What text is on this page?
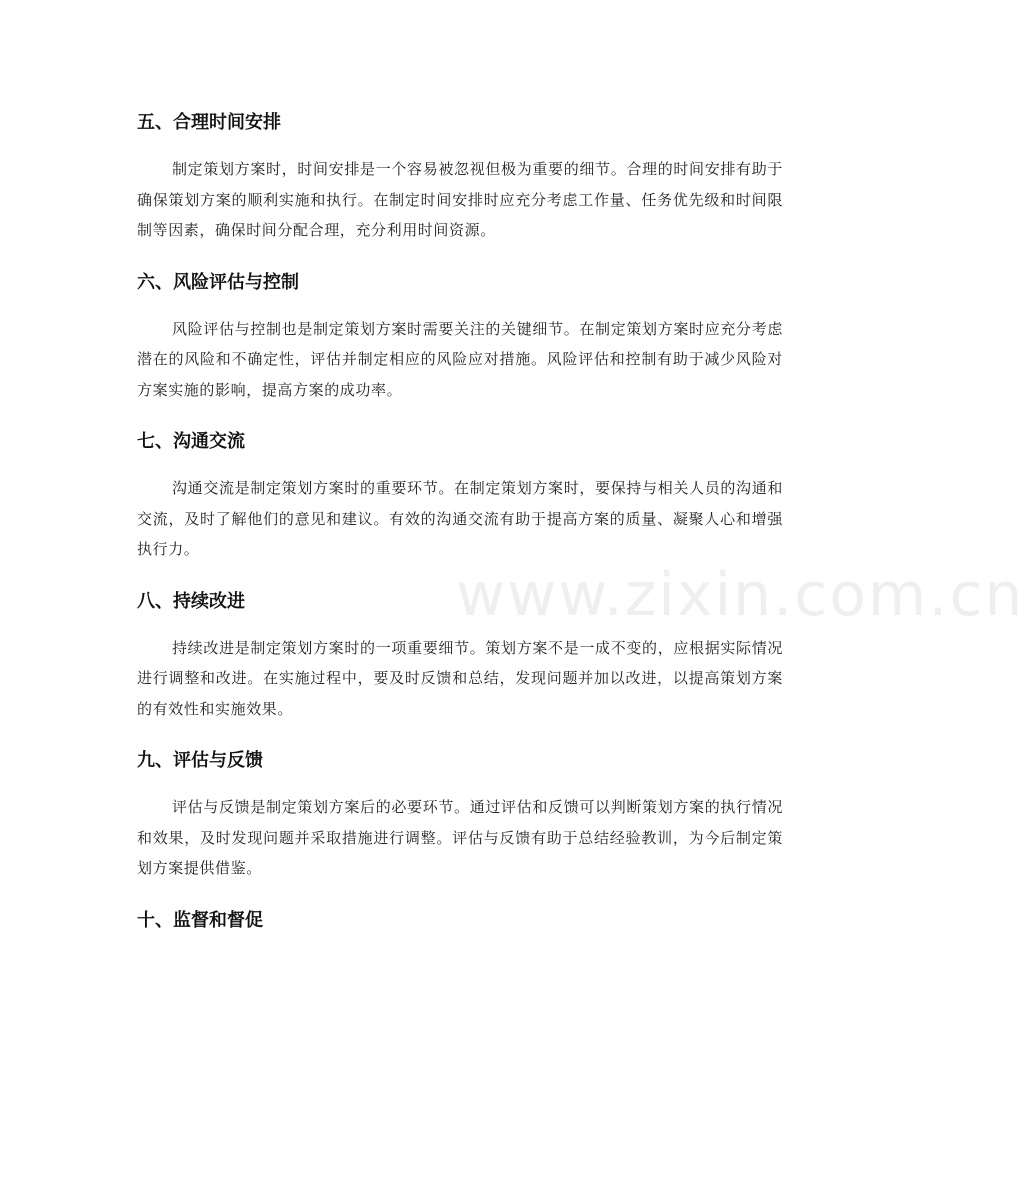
www.zixin.com.cn
五、合理时间安排

制定策划方案时，时间安排是一个容易被忽视但极为重要的细节。合理的时间安排有助于确保策划方案的顺利实施和执行。在制定时间安排时应充分考虑工作量、任务优先级和时间限制等因素，确保时间分配合理，充分利用时间资源。

六、风险评估与控制

风险评估与控制也是制定策划方案时需要关注的关键细节。在制定策划方案时应充分考虑潜在的风险和不确定性，评估并制定相应的风险应对措施。风险评估和控制有助于减少风险对方案实施的影响，提高方案的成功率。

七、沟通交流

沟通交流是制定策划方案时的重要环节。在制定策划方案时，要保持与相关人员的沟通和交流，及时了解他们的意见和建议。有效的沟通交流有助于提高方案的质量、凝聚人心和增强执行力。

八、持续改进

持续改进是制定策划方案时的一项重要细节。策划方案不是一成不变的，应根据实际情况进行调整和改进。在实施过程中，要及时反馈和总结，发现问题并加以改进，以提高策划方案的有效性和实施效果。

九、评估与反馈

评估与反馈是制定策划方案后的必要环节。通过评估和反馈可以判断策划方案的执行情况和效果，及时发现问题并采取措施进行调整。评估与反馈有助于总结经验教训，为今后制定策划方案提供借鉴。

十、监督和督促
